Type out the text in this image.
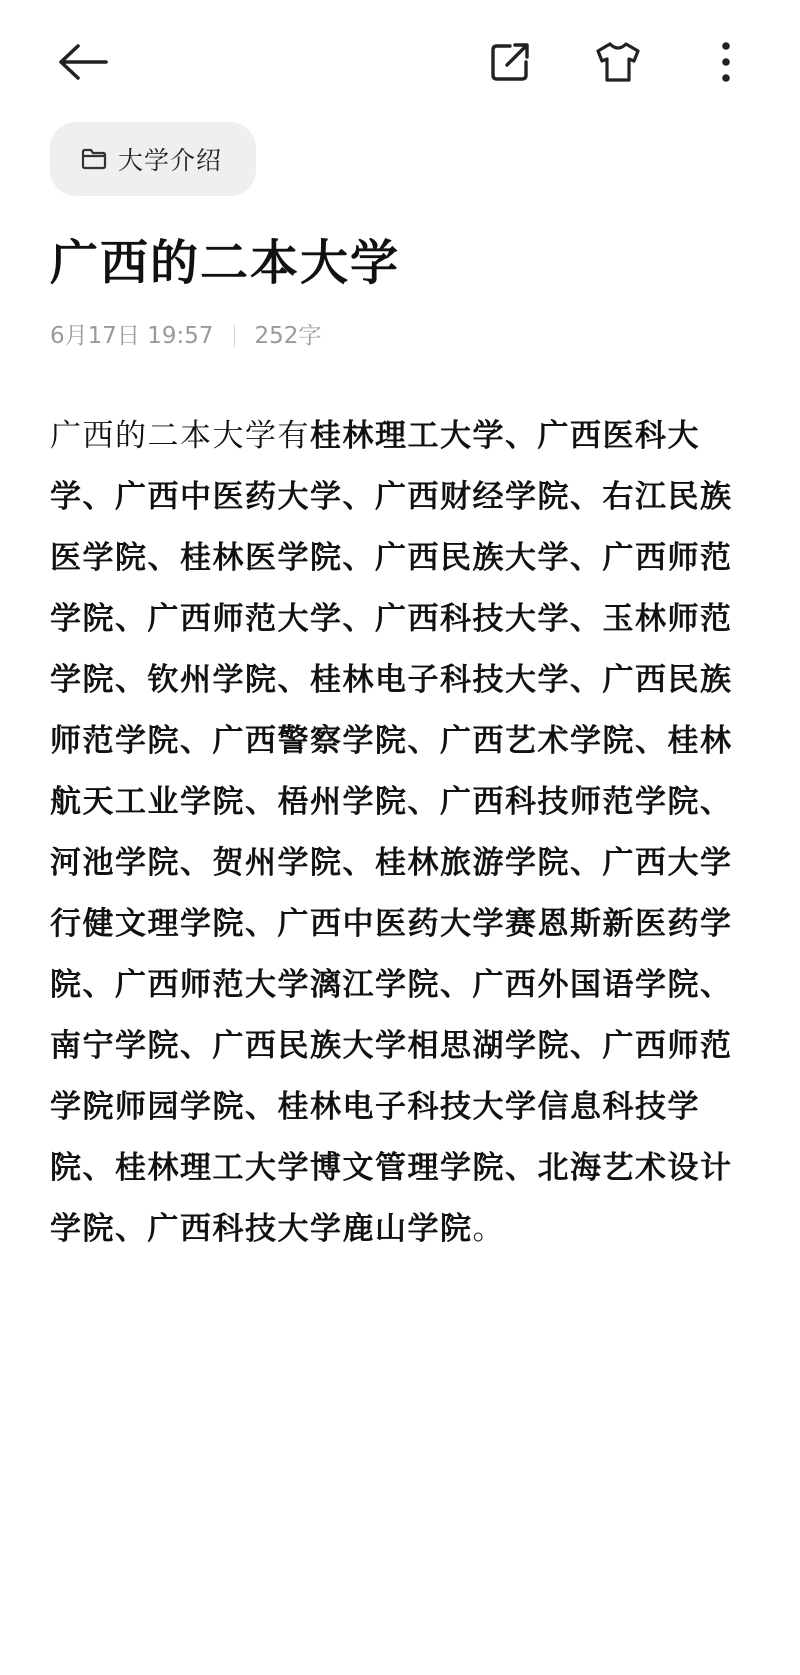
大学介绍
广西的二本大学
6月17日 19:57 252字

广西的二本大学有桂林理工大学、广西医科大学、广西中医药大学、广西财经学院、右江民族医学院、桂林医学院、广西民族大学、广西师范学院、广西师范大学、广西科技大学、玉林师范学院、钦州学院、桂林电子科技大学、广西民族师范学院、广西警察学院、广西艺术学院、桂林航天工业学院、梧州学院、广西科技师范学院、河池学院、贺州学院、桂林旅游学院、广西大学行健文理学院、广西中医药大学赛恩斯新医药学院、广西师范大学漓江学院、广西外国语学院、南宁学院、广西民族大学相思湖学院、广西师范学院师园学院、桂林电子科技大学信息科技学院、桂林理工大学博文管理学院、北海艺术设计学院、广西科技大学鹿山学院。
